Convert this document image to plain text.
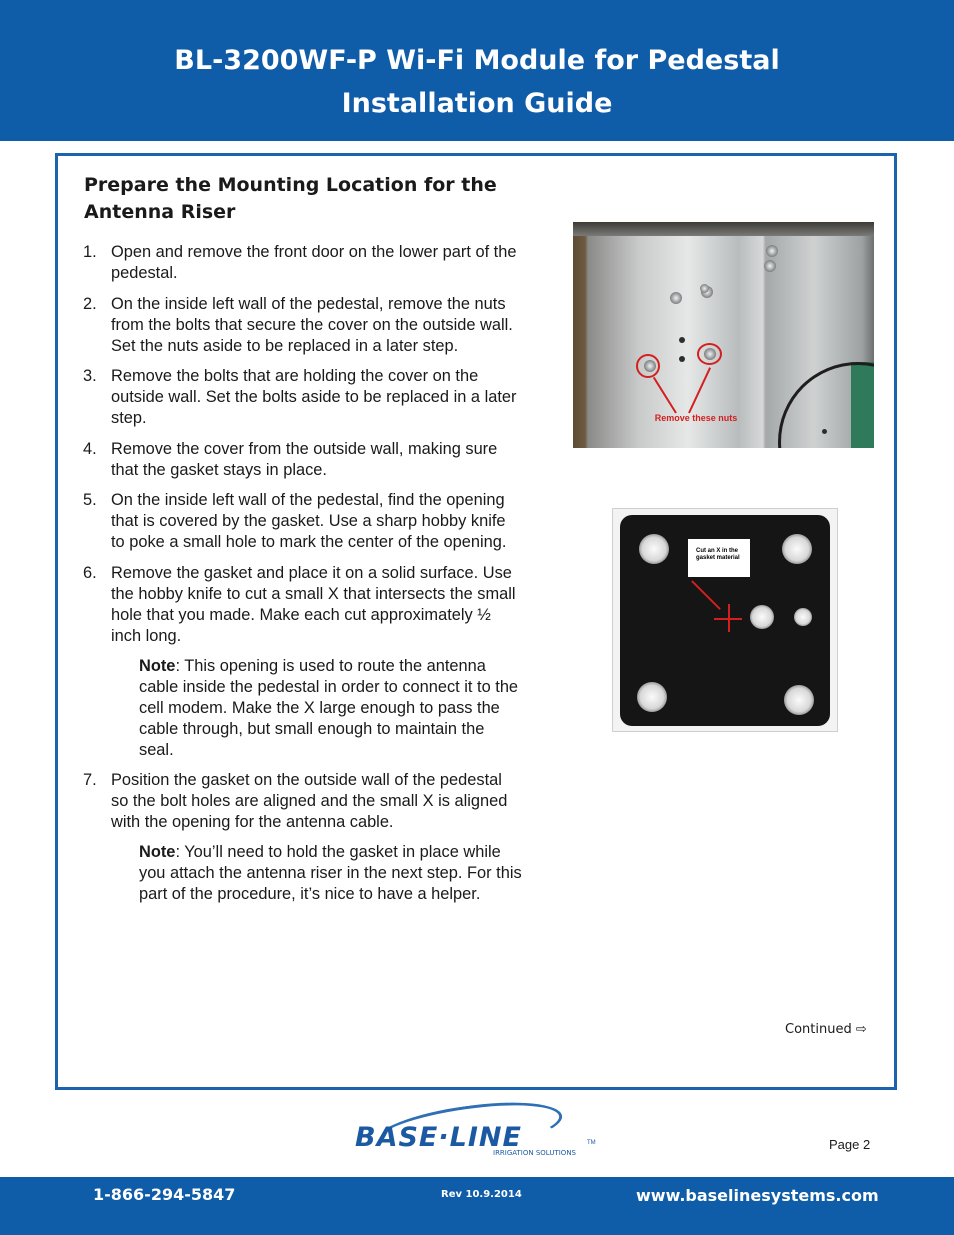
BL-3200WF-P Wi-Fi Module for Pedestal
Installation Guide
Prepare the Mounting Location for the Antenna Riser
1. Open and remove the front door on the lower part of the pedestal.
2. On the inside left wall of the pedestal, remove the nuts from the bolts that secure the cover on the outside wall. Set the nuts aside to be replaced in a later step.
3. Remove the bolts that are holding the cover on the outside wall. Set the bolts aside to be replaced in a later step.
4. Remove the cover from the outside wall, making sure that the gasket stays in place.
5. On the inside left wall of the pedestal, find the opening that is covered by the gasket. Use a sharp hobby knife to poke a small hole to mark the center of the opening.
6. Remove the gasket and place it on a solid surface. Use the hobby knife to cut a small X that intersects the small hole that you made. Make each cut approximately ½ inch long.
Note: This opening is used to route the antenna cable inside the pedestal in order to connect it to the cell modem. Make the X large enough to pass the cable through, but small enough to maintain the seal.
7. Position the gasket on the outside wall of the pedestal so the bolt holes are aligned and the small X is aligned with the opening for the antenna cable.
Note: You’ll need to hold the gasket in place while you attach the antenna riser in the next step. For this part of the procedure, it’s nice to have a helper.
Remove these nuts
Cut an X in the gasket material
Continued ⇨
BASE·LINE	TM
IRRIGATION SOLUTIONS
Page 2
1-866-294-5847	Rev 10.9.2014	www.baselinesystems.com
